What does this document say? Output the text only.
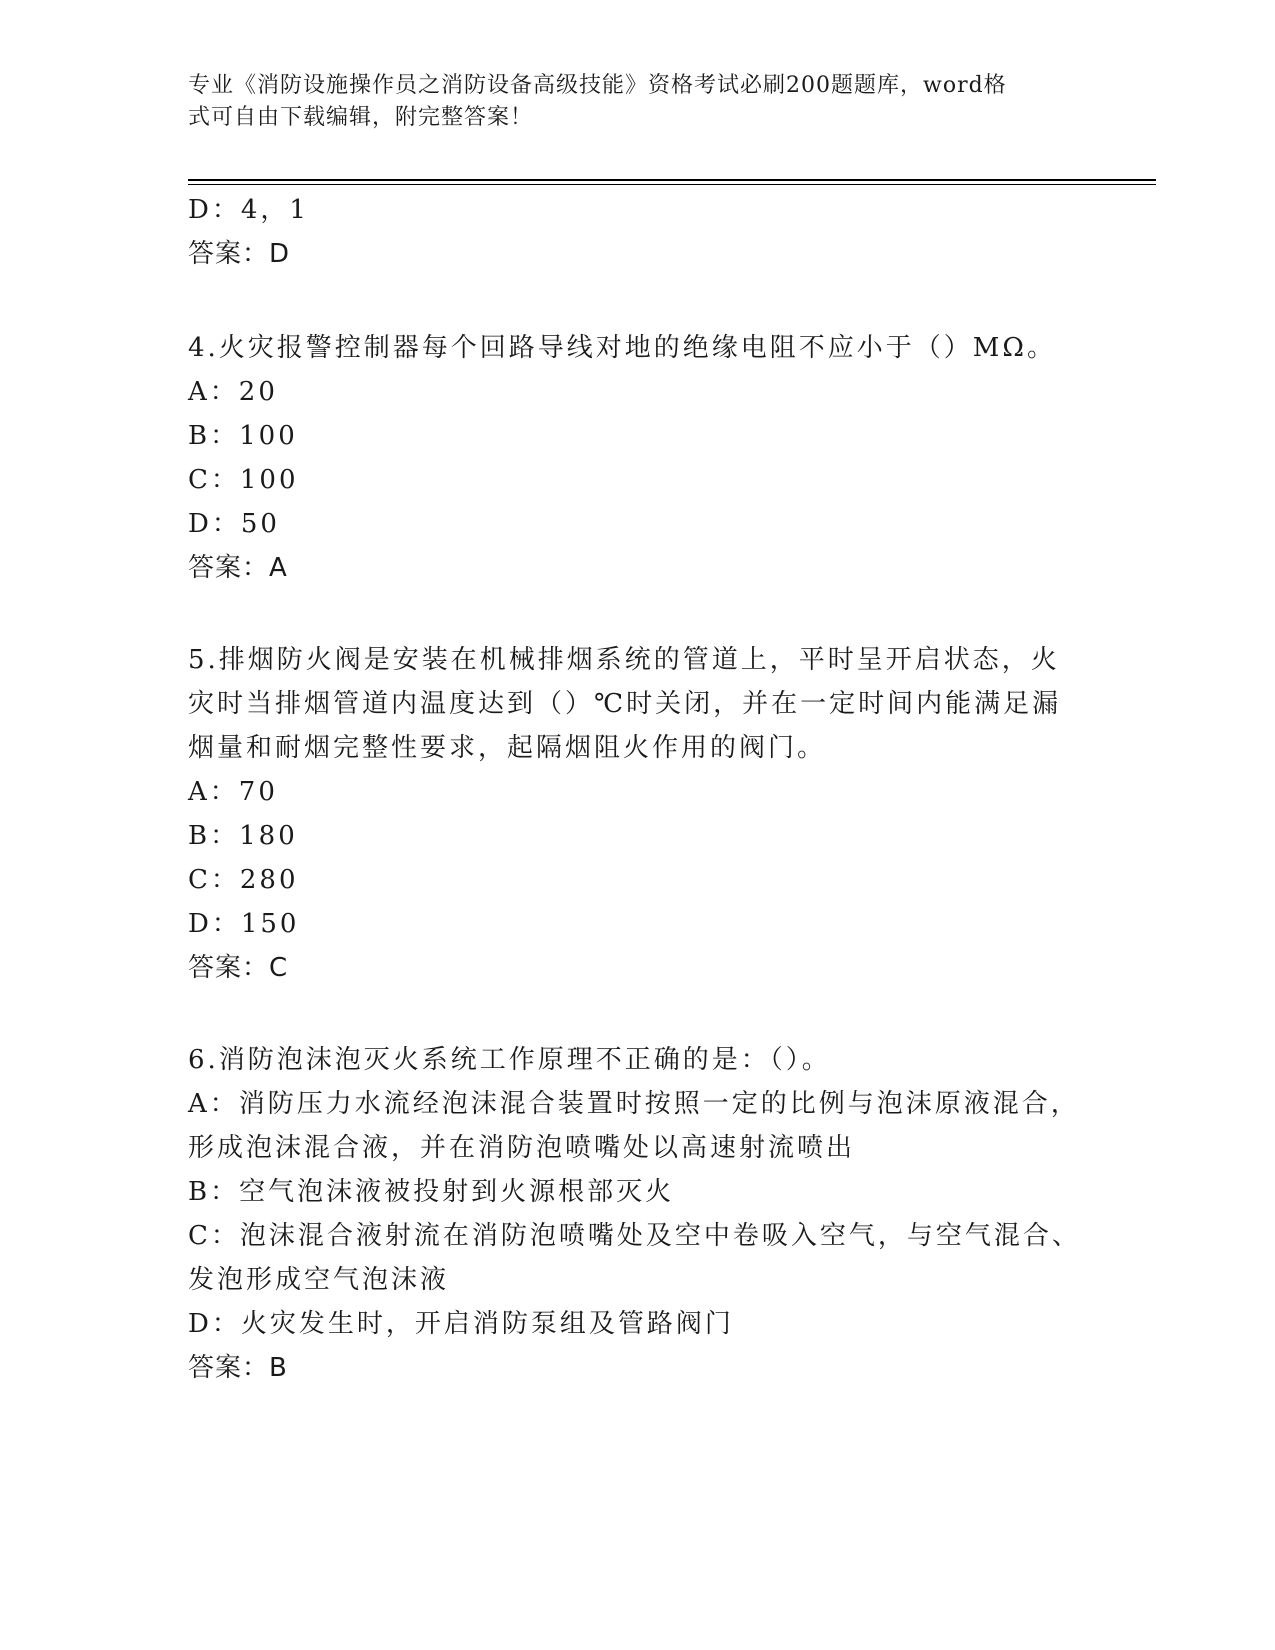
专业《消防设施操作员之消防设备高级技能》资格考试必刷200题题库，word格
式可自由下载编辑，附完整答案！
D：4，1
答案：D
4.火灾报警控制器每个回路导线对地的绝缘电阻不应小于（）MΩ。
A：20
B：100
C：100
D：50
答案：A
5.排烟防火阀是安装在机械排烟系统的管道上，平时呈开启状态，火
灾时当排烟管道内温度达到（）℃时关闭，并在一定时间内能满足漏
烟量和耐烟完整性要求，起隔烟阻火作用的阀门。
A：70
B：180
C：280
D：150
答案：C
6.消防泡沫泡灭火系统工作原理不正确的是：（）。
A：消防压力水流经泡沫混合装置时按照一定的比例与泡沫原液混合，
形成泡沫混合液，并在消防泡喷嘴处以高速射流喷出
B：空气泡沫液被投射到火源根部灭火
C：泡沫混合液射流在消防泡喷嘴处及空中卷吸入空气，与空气混合、
发泡形成空气泡沫液
D：火灾发生时，开启消防泵组及管路阀门
答案：B
